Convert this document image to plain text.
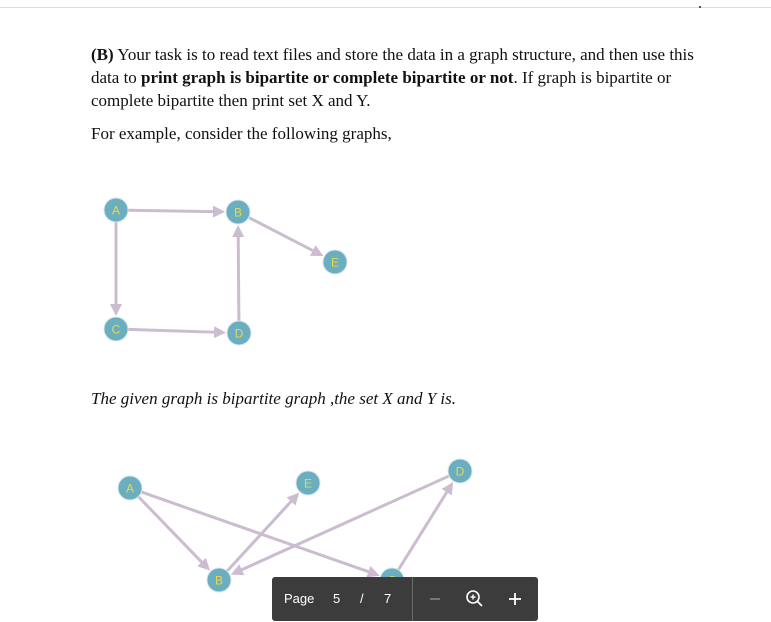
(B) Your task is to read text files and store the data in a graph structure, and then use this data to print graph is bipartite or complete bipartite or not. If graph is bipartite or complete bipartite then print set X and Y.
For example, consider the following graphs,
A	B
C	D
E
A	E
D
B
The given graph is bipartite graph ,the set X and Y is.
Page 5 / 7
